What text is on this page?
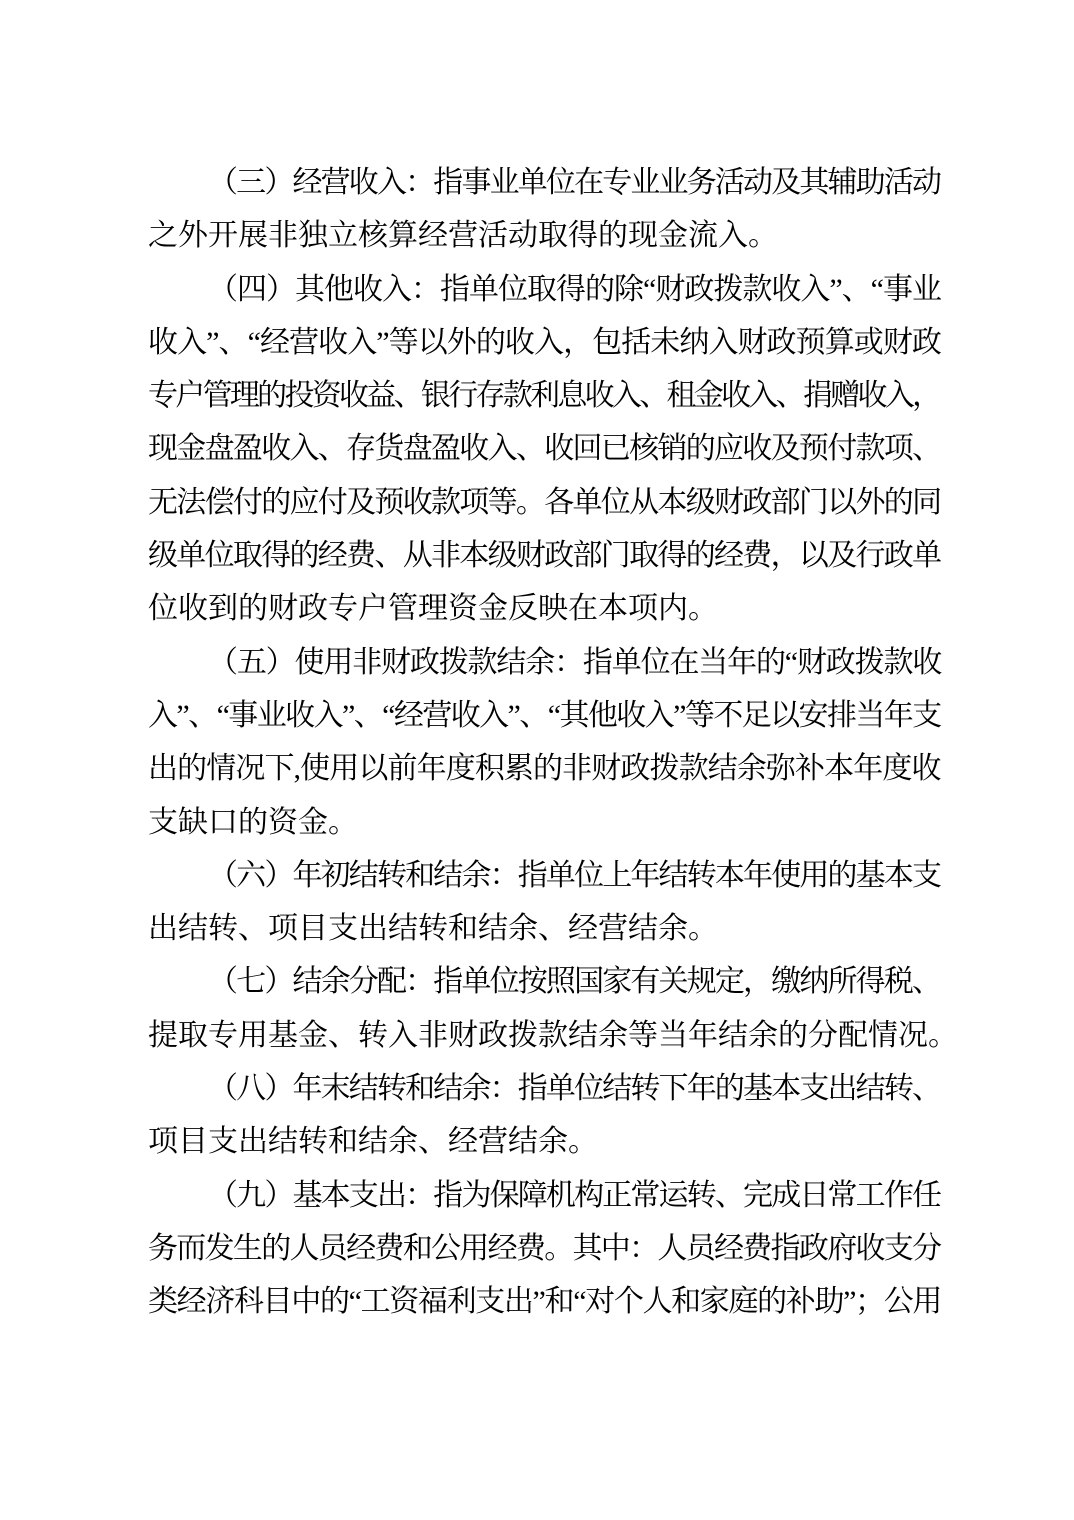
（三）经营收入：指事业单位在专业业务活动及其辅助活动
之外开展非独立核算经营活动取得的现金流入。
（四）其他收入：指单位取得的除“财政拨款收入”、“事业
收入”、“经营收入”等以外的收入，包括未纳入财政预算或财政
专户管理的投资收益、银行存款利息收入、租金收入、捐赠收入，
现金盘盈收入、存货盘盈收入、收回已核销的应收及预付款项、
无法偿付的应付及预收款项等。各单位从本级财政部门以外的同
级单位取得的经费、从非本级财政部门取得的经费，以及行政单
位收到的财政专户管理资金反映在本项内。
（五）使用非财政拨款结余：指单位在当年的“财政拨款收
入”、“事业收入”、“经营收入”、“其他收入”等不足以安排当年支
出的情况下,使用以前年度积累的非财政拨款结余弥补本年度收
支缺口的资金。
（六）年初结转和结余：指单位上年结转本年使用的基本支
出结转、项目支出结转和结余、经营结余。
（七）结余分配：指单位按照国家有关规定，缴纳所得税、
提取专用基金、转入非财政拨款结余等当年结余的分配情况。
（八）年末结转和结余：指单位结转下年的基本支出结转、
项目支出结转和结余、经营结余。
（九）基本支出：指为保障机构正常运转、完成日常工作任
务而发生的人员经费和公用经费。其中：人员经费指政府收支分
类经济科目中的“工资福利支出”和“对个人和家庭的补助”；公用
